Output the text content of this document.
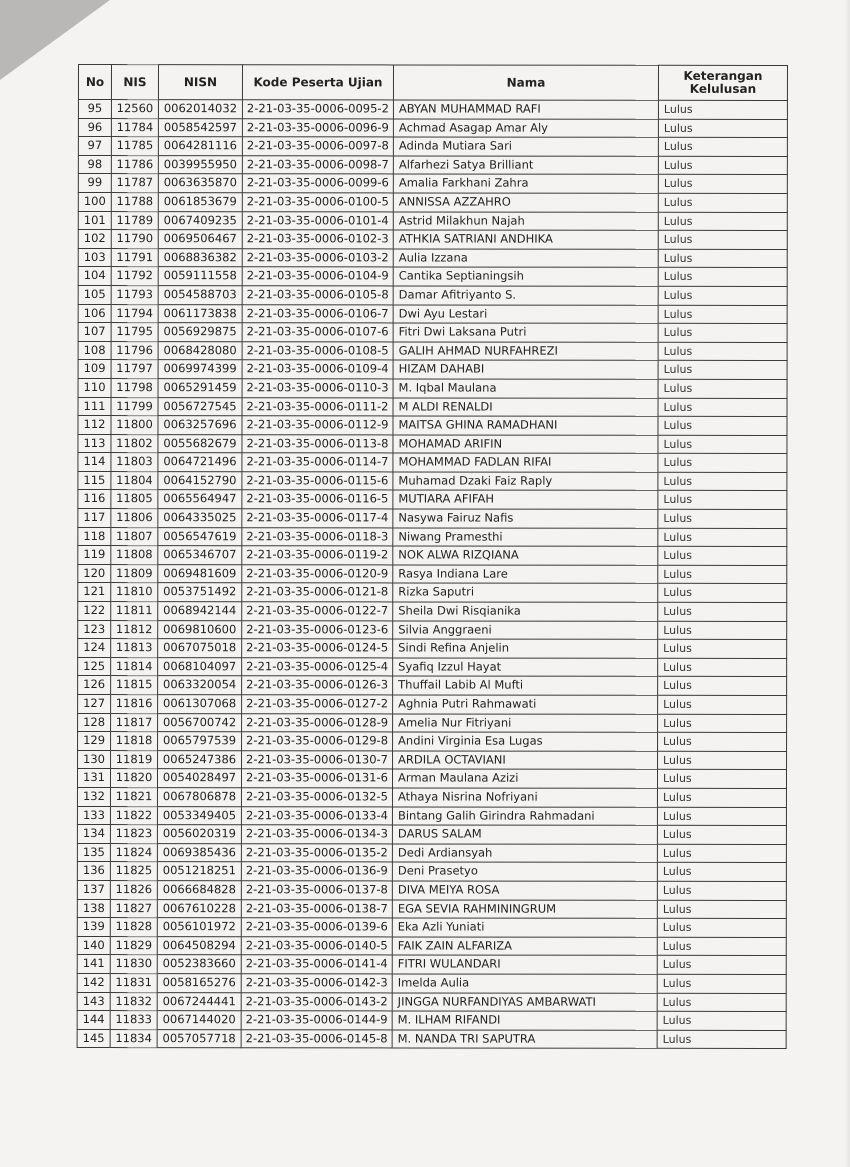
No	NIS	NISN	Kode Peserta Ujian	Nama	Keterangan Kelulusan
95	12560	0062014032	2-21-03-35-0006-0095-2	ABYAN MUHAMMAD RAFI	Lulus
96	11784	0058542597	2-21-03-35-0006-0096-9	Achmad Asagap Amar Aly	Lulus
97	11785	0064281116	2-21-03-35-0006-0097-8	Adinda Mutiara Sari	Lulus
98	11786	0039955950	2-21-03-35-0006-0098-7	Alfarhezi Satya Brilliant	Lulus
99	11787	0063635870	2-21-03-35-0006-0099-6	Amalia Farkhani Zahra	Lulus
100	11788	0061853679	2-21-03-35-0006-0100-5	ANNISSA AZZAHRO	Lulus
101	11789	0067409235	2-21-03-35-0006-0101-4	Astrid Milakhun Najah	Lulus
102	11790	0069506467	2-21-03-35-0006-0102-3	ATHKIA SATRIANI ANDHIKA	Lulus
103	11791	0068836382	2-21-03-35-0006-0103-2	Aulia Izzana	Lulus
104	11792	0059111558	2-21-03-35-0006-0104-9	Cantika Septianingsih	Lulus
105	11793	0054588703	2-21-03-35-0006-0105-8	Damar Afitriyanto S.	Lulus
106	11794	0061173838	2-21-03-35-0006-0106-7	Dwi Ayu Lestari	Lulus
107	11795	0056929875	2-21-03-35-0006-0107-6	Fitri Dwi Laksana Putri	Lulus
108	11796	0068428080	2-21-03-35-0006-0108-5	GALIH AHMAD NURFAHREZI	Lulus
109	11797	0069974399	2-21-03-35-0006-0109-4	HIZAM DAHABI	Lulus
110	11798	0065291459	2-21-03-35-0006-0110-3	M. Iqbal Maulana	Lulus
111	11799	0056727545	2-21-03-35-0006-0111-2	M ALDI RENALDI	Lulus
112	11800	0063257696	2-21-03-35-0006-0112-9	MAITSA GHINA RAMADHANI	Lulus
113	11802	0055682679	2-21-03-35-0006-0113-8	MOHAMAD ARIFIN	Lulus
114	11803	0064721496	2-21-03-35-0006-0114-7	MOHAMMAD FADLAN RIFAI	Lulus
115	11804	0064152790	2-21-03-35-0006-0115-6	Muhamad Dzaki Faiz Raply	Lulus
116	11805	0065564947	2-21-03-35-0006-0116-5	MUTIARA AFIFAH	Lulus
117	11806	0064335025	2-21-03-35-0006-0117-4	Nasywa Fairuz Nafis	Lulus
118	11807	0056547619	2-21-03-35-0006-0118-3	Niwang Pramesthi	Lulus
119	11808	0065346707	2-21-03-35-0006-0119-2	NOK ALWA RIZQIANA	Lulus
120	11809	0069481609	2-21-03-35-0006-0120-9	Rasya Indiana Lare	Lulus
121	11810	0053751492	2-21-03-35-0006-0121-8	Rizka Saputri	Lulus
122	11811	0068942144	2-21-03-35-0006-0122-7	Sheila Dwi Risqianika	Lulus
123	11812	0069810600	2-21-03-35-0006-0123-6	Silvia Anggraeni	Lulus
124	11813	0067075018	2-21-03-35-0006-0124-5	Sindi Refina Anjelin	Lulus
125	11814	0068104097	2-21-03-35-0006-0125-4	Syafiq Izzul Hayat	Lulus
126	11815	0063320054	2-21-03-35-0006-0126-3	Thuffail Labib Al Mufti	Lulus
127	11816	0061307068	2-21-03-35-0006-0127-2	Aghnia Putri Rahmawati	Lulus
128	11817	0056700742	2-21-03-35-0006-0128-9	Amelia Nur Fitriyani	Lulus
129	11818	0065797539	2-21-03-35-0006-0129-8	Andini Virginia Esa Lugas	Lulus
130	11819	0065247386	2-21-03-35-0006-0130-7	ARDILA OCTAVIANI	Lulus
131	11820	0054028497	2-21-03-35-0006-0131-6	Arman Maulana Azizi	Lulus
132	11821	0067806878	2-21-03-35-0006-0132-5	Athaya Nisrina Nofriyani	Lulus
133	11822	0053349405	2-21-03-35-0006-0133-4	Bintang Galih Girindra Rahmadani	Lulus
134	11823	0056020319	2-21-03-35-0006-0134-3	DARUS SALAM	Lulus
135	11824	0069385436	2-21-03-35-0006-0135-2	Dedi Ardiansyah	Lulus
136	11825	0051218251	2-21-03-35-0006-0136-9	Deni Prasetyo	Lulus
137	11826	0066684828	2-21-03-35-0006-0137-8	DIVA MEIYA ROSA	Lulus
138	11827	0067610228	2-21-03-35-0006-0138-7	EGA SEVIA RAHMININGRUM	Lulus
139	11828	0056101972	2-21-03-35-0006-0139-6	Eka Azli Yuniati	Lulus
140	11829	0064508294	2-21-03-35-0006-0140-5	FAIK ZAIN ALFARIZA	Lulus
141	11830	0052383660	2-21-03-35-0006-0141-4	FITRI WULANDARI	Lulus
142	11831	0058165276	2-21-03-35-0006-0142-3	Imelda Aulia	Lulus
143	11832	0067244441	2-21-03-35-0006-0143-2	JINGGA NURFANDIYAS AMBARWATI	Lulus
144	11833	0067144020	2-21-03-35-0006-0144-9	M. ILHAM RIFANDI	Lulus
145	11834	0057057718	2-21-03-35-0006-0145-8	M. NANDA TRI SAPUTRA	Lulus
